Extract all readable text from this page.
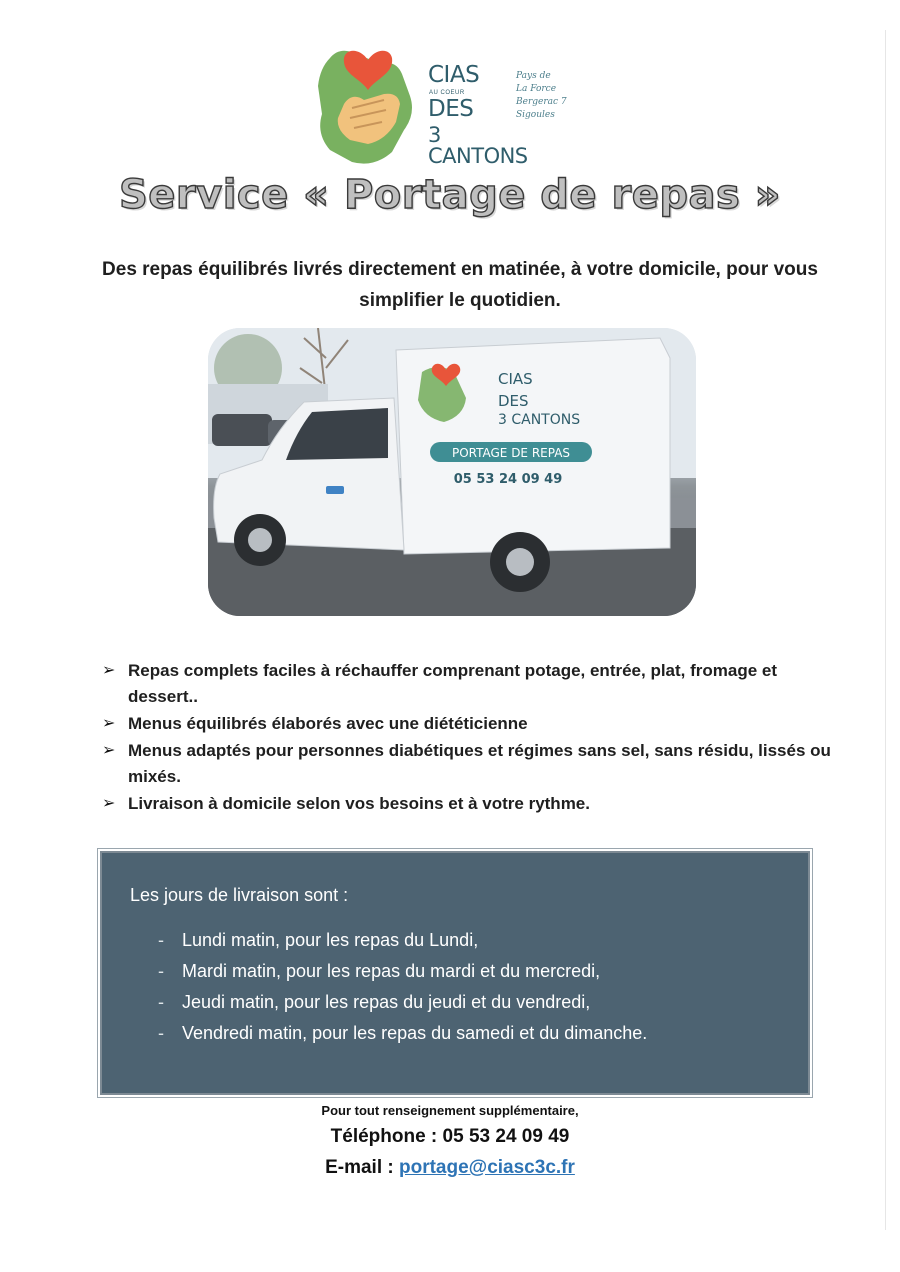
CIAS
AU COEUR
DES
3 CANTONS
Pays de
La Force
Bergerac 7
Sigoules
Service « Portage de repas »
Des repas équilibrés livrés directement en matinée, à votre domicile, pour vous simplifier le quotidien.
CIAS
DES
3 CANTONS
PORTAGE DE REPAS
05 53 24 09 49
➢ Repas complets faciles à réchauffer comprenant potage, entrée, plat, fromage et dessert..
➢ Menus équilibrés élaborés avec une diététicienne
➢ Menus adaptés pour personnes diabétiques et régimes sans sel, sans résidu, lissés ou mixés.
➢ Livraison à domicile selon vos besoins et à votre rythme.
Les jours de livraison sont :
- Lundi matin, pour les repas du Lundi,
- Mardi matin, pour les repas du mardi et du mercredi,
- Jeudi matin, pour les repas du jeudi et du vendredi,
- Vendredi matin, pour les repas du samedi et du dimanche.
Pour tout renseignement supplémentaire,
Téléphone : 05 53 24 09 49
E-mail : portage@ciasc3c.fr
